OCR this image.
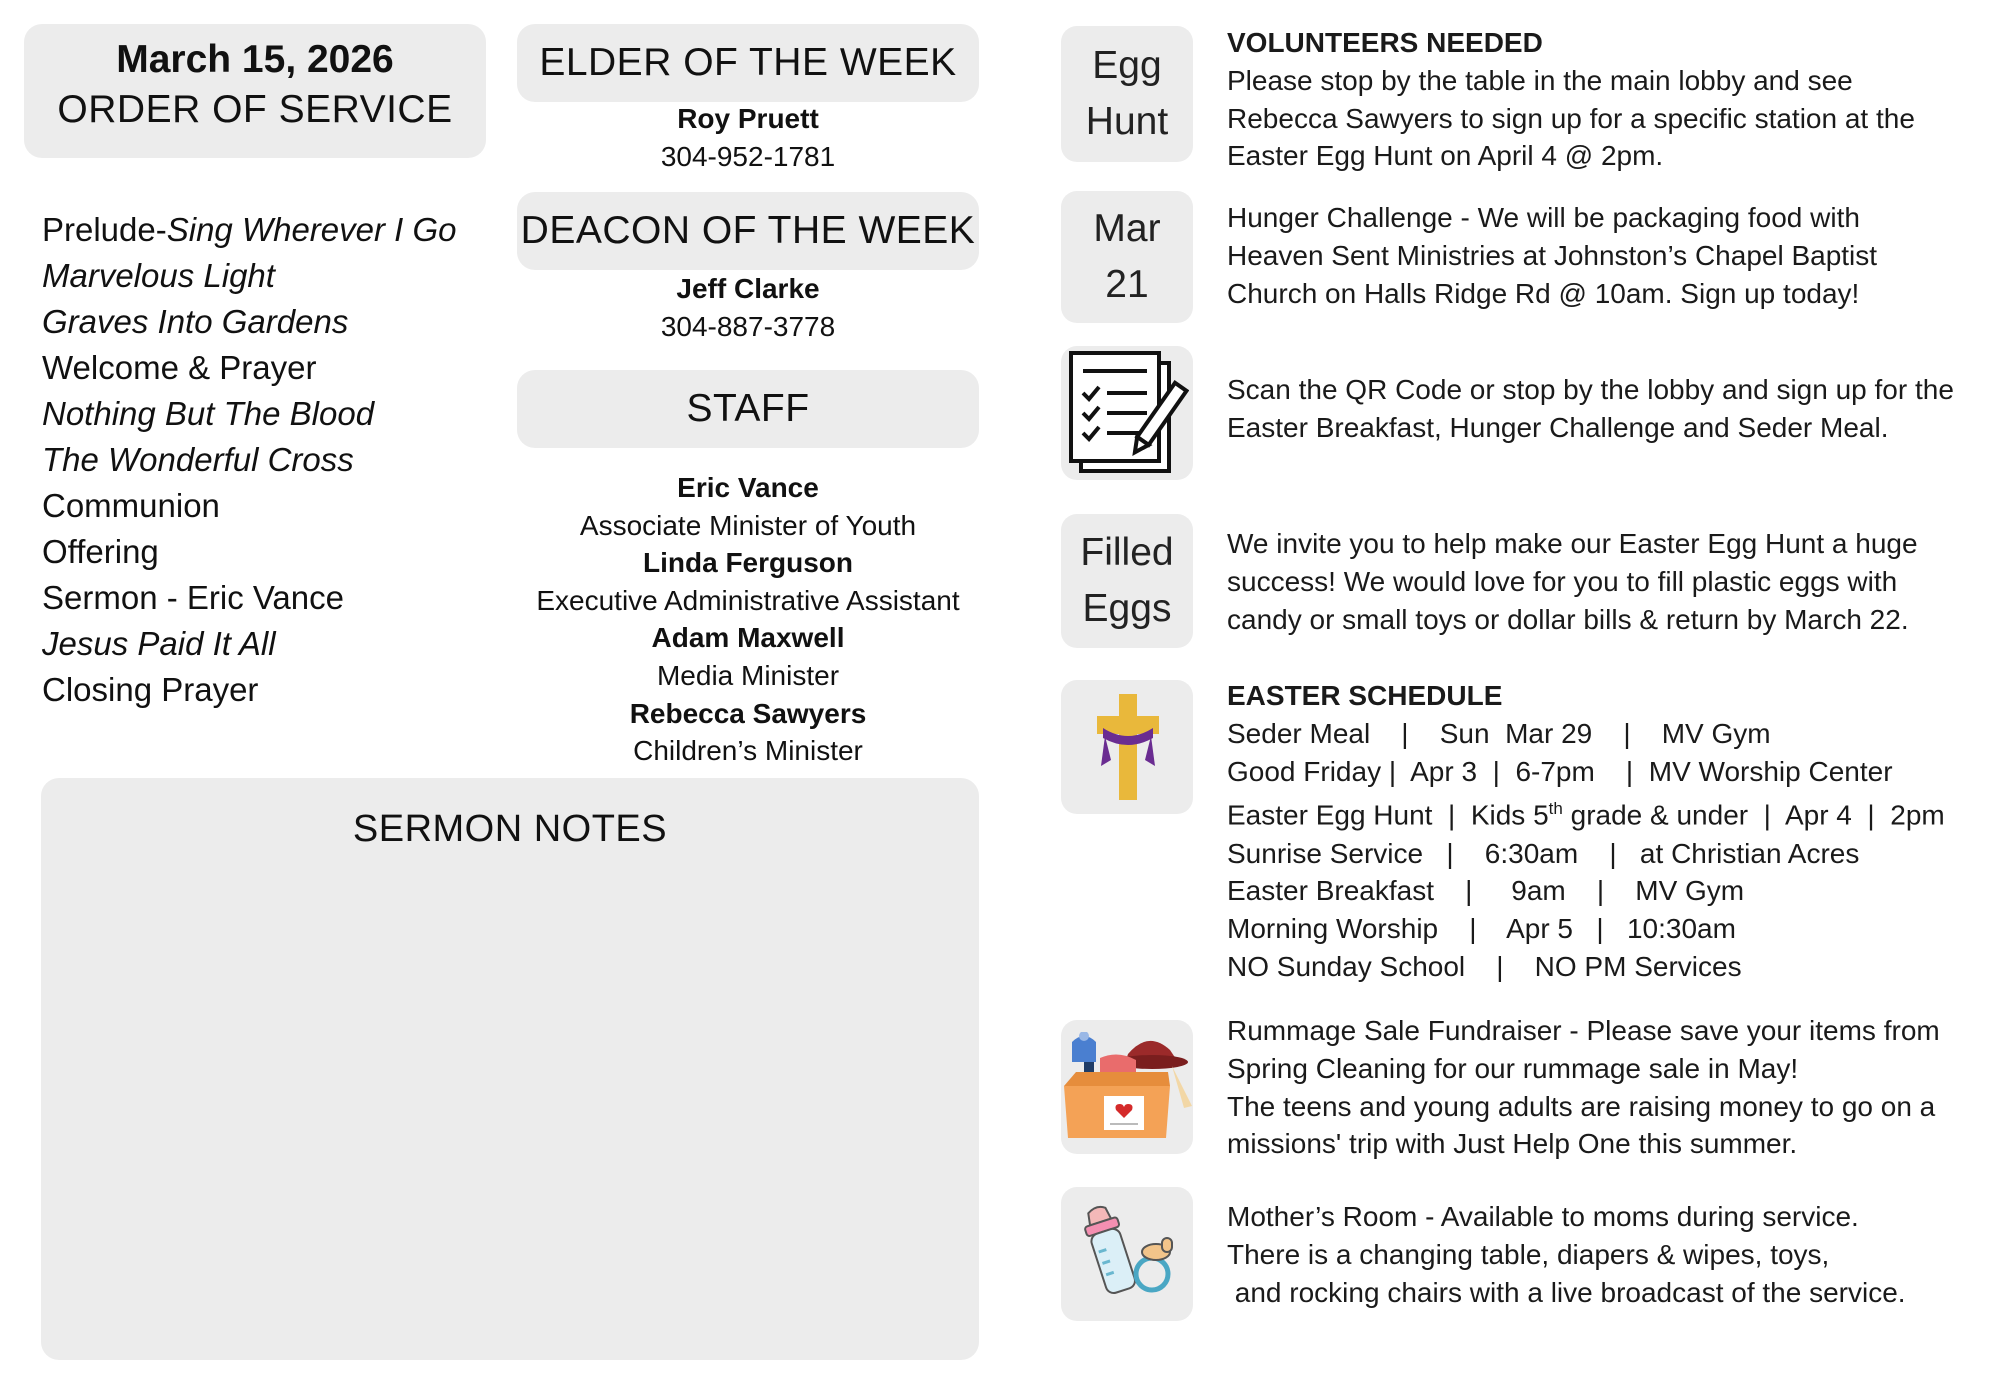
March 15, 2026
ORDER OF SERVICE
Prelude-Sing Wherever I Go
Marvelous Light
Graves Into Gardens
Welcome & Prayer
Nothing But The Blood
The Wonderful Cross
Communion
Offering
Sermon - Eric Vance
Jesus Paid It All
Closing Prayer
ELDER OF THE WEEK
Roy Pruett
304-952-1781
DEACON OF THE WEEK
Jeff Clarke
304-887-3778
STAFF
Eric Vance
Associate Minister of Youth
Linda Ferguson
Executive Administrative Assistant
Adam Maxwell
Media Minister
Rebecca Sawyers
Children’s Minister
SERMON NOTES
Egg
Hunt
VOLUNTEERS NEEDED
Please stop by the table in the main lobby and see
Rebecca Sawyers to sign up for a specific station at the
Easter Egg Hunt on April 4 @ 2pm.
Mar
21
Hunger Challenge - We will be packaging food with
Heaven Sent Ministries at Johnston’s Chapel Baptist
Church on Halls Ridge Rd @ 10am. Sign up today!
Scan the QR Code or stop by the lobby and sign up for the
Easter Breakfast, Hunger Challenge and Seder Meal.
Filled
Eggs
We invite you to help make our Easter Egg Hunt a huge
success! We would love for you to fill plastic eggs with
candy or small toys or dollar bills & return by March 22.
EASTER SCHEDULE
Seder Meal    |    Sun  Mar 29    |    MV Gym
Good Friday |  Apr 3  |  6-7pm    |  MV Worship Center
Easter Egg Hunt  |  Kids 5th grade & under  |  Apr 4  |  2pm
Sunrise Service   |    6:30am    |   at Christian Acres
Easter Breakfast    |     9am    |    MV Gym
Morning Worship    |    Apr 5   |   10:30am
NO Sunday School    |    NO PM Services
Rummage Sale Fundraiser - Please save your items from
Spring Cleaning for our rummage sale in May!
The teens and young adults are raising money to go on a
missions' trip with Just Help One this summer.
Mother’s Room - Available to moms during service.
There is a changing table, diapers & wipes, toys,
and rocking chairs with a live broadcast of the service.
